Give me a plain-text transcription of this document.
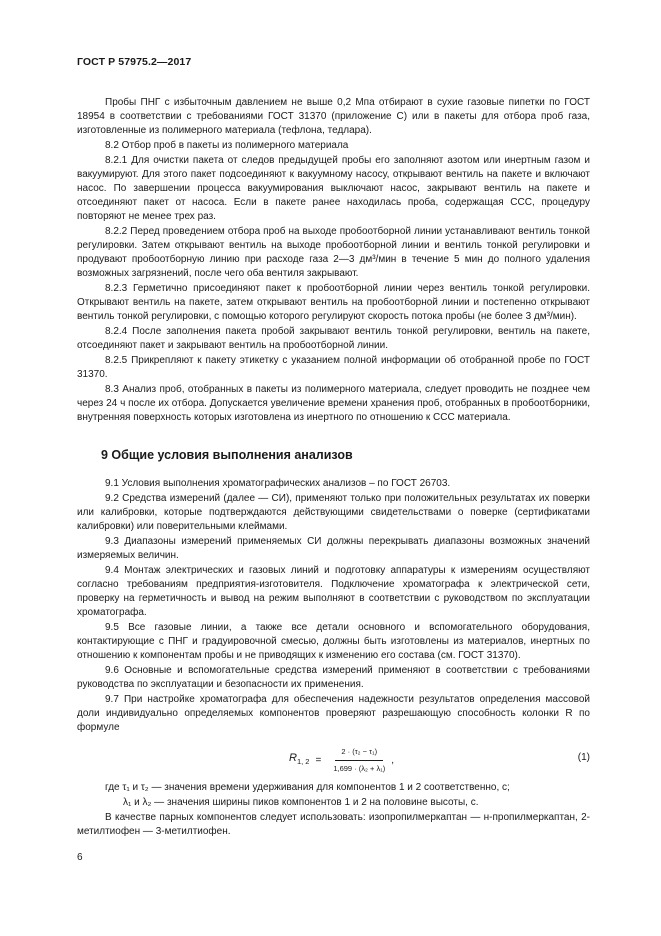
ГОСТ Р 57975.2—2017

Пробы ПНГ с избыточным давлением не выше 0,2 Мпа отбирают в сухие газовые пипетки по ГОСТ 18954 в соответствии с требованиями ГОСТ 31370 (приложение С) или в пакеты для отбора проб газа, изготовленные из полимерного материала (тефлона, тедлара).

8.2 Отбор проб в пакеты из полимерного материала

8.2.1 Для очистки пакета от следов предыдущей пробы его заполняют азотом или инертным газом и вакуумируют. Для этого пакет подсоединяют к вакуумному насосу, открывают вентиль на пакете и включают насос. По завершении процесса вакуумирования выключают насос, закрывают вентиль на пакете и отсоединяют пакет от насоса. Если в пакете ранее находилась проба, содержащая ССС, процедуру повторяют не менее трех раз.

8.2.2 Перед проведением отбора проб на выходе пробоотборной линии устанавливают вентиль тонкой регулировки. Затем открывают вентиль на выходе пробоотборной линии и вентиль тонкой регулировки и продувают пробоотборную линию при расходе газа 2—3 дм³/мин в течение 5 мин до полного удаления возможных загрязнений, после чего оба вентиля закрывают.

8.2.3 Герметично присоединяют пакет к пробоотборной линии через вентиль тонкой регулировки. Открывают вентиль на пакете, затем открывают вентиль на пробоотборной линии и постепенно открывают вентиль тонкой регулировки, с помощью которого регулируют скорость потока пробы (не более 3 дм³/мин).

8.2.4 После заполнения пакета пробой закрывают вентиль тонкой регулировки, вентиль на пакете, отсоединяют пакет и закрывают вентиль на пробоотборной линии.

8.2.5 Прикрепляют к пакету этикетку с указанием полной информации об отобранной пробе по ГОСТ 31370.

8.3 Анализ проб, отобранных в пакеты из полимерного материала, следует проводить не позднее чем через 24 ч после их отбора. Допускается увеличение времени хранения проб, отобранных в пробоотборники, внутренняя поверхность которых изготовлена из инертного по отношению к ССС материала.

9 Общие условия выполнения анализов

9.1 Условия выполнения хроматографических анализов – по ГОСТ 26703.

9.2 Средства измерений (далее — СИ), применяют только при положительных результатах их поверки или калибровки, которые подтверждаются действующими свидетельствами о поверке (сертификатами калибровки) или поверительными клеймами.

9.3 Диапазоны измерений применяемых СИ должны перекрывать диапазоны возможных значений измеряемых величин.

9.4 Монтаж электрических и газовых линий и подготовку аппаратуры к измерениям осуществляют согласно требованиям предприятия-изготовителя. Подключение хроматографа к электрической сети, проверку на герметичность и вывод на режим выполняют в соответствии с руководством по эксплуатации хроматографа.

9.5 Все газовые линии, а также все детали основного и вспомогательного оборудования, контактирующие с ПНГ и градуировочной смесью, должны быть изготовлены из материалов, инертных по отношению к компонентам пробы и не приводящих к изменению его состава (см. ГОСТ 31370).

9.6 Основные и вспомогательные средства измерений применяют в соответствии с требованиями руководства по эксплуатации и безопасности их применения.

9.7 При настройке хроматографа для обеспечения надежности результатов определения массовой доли индивидуально определяемых компонентов проверяют разрешающую способность колонки R по формуле

$R_{1, 2} = \frac{\text{2 · (τ₂ − τ₁)}}{\text{1,699 · (λ₂ + λ₁)}}$ ,	(1)

где τ₁ и τ₂ — значения времени удерживания для компонентов 1 и 2 соответственно, с;

λ₁ и λ₂ — значения ширины пиков компонентов 1 и 2 на половине высоты, с.

В качестве парных компонентов следует использовать: изопропилмеркаптан — н-пропилмеркаптан, 2-метилтиофен — 3-метилтиофен.

6
